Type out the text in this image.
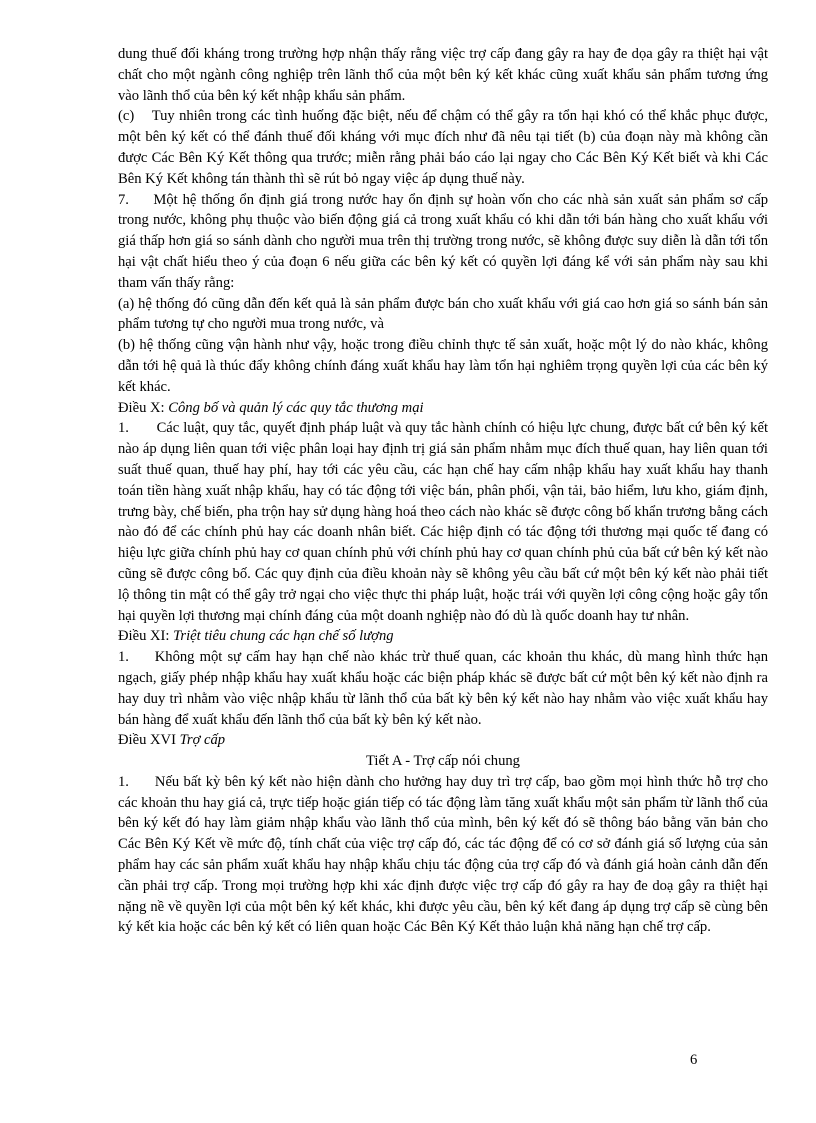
dung thuế đối kháng trong trường hợp nhận thấy rằng việc trợ cấp đang gây ra hay đe dọa gây ra thiệt hại vật chất cho một ngành công nghiệp trên lãnh thổ của một bên ký kết khác cũng xuất khẩu sản phẩm tương ứng vào lãnh thổ của bên ký kết nhập khẩu sản phẩm.

(c)    Tuy nhiên trong các tình huống đặc biệt, nếu để chậm có thể gây ra tổn hại khó có thể khắc phục được, một bên ký kết có thể đánh thuế đối kháng với mục đích như đã nêu tại tiết (b) của đoạn này mà không cần được Các Bên Ký Kết thông qua trước; miễn rằng phải báo cáo lại ngay cho Các Bên Ký Kết biết và khi Các Bên Ký Kết không tán thành thì sẽ rút bỏ ngay việc áp dụng thuế này.

7.     Một hệ thống ổn định giá trong nước hay ổn định sự hoàn vốn cho các nhà sản xuất sản phẩm sơ cấp trong nước, không phụ thuộc vào biến động giá cả trong xuất khẩu có khi dẫn tới bán hàng cho xuất khẩu với giá thấp hơn giá so sánh dành cho người mua trên thị trường trong nước, sẽ không được suy diễn là dẫn tới tổn hại vật chất hiểu theo ý của đoạn 6 nếu giữa các bên ký kết có quyền lợi đáng kể với sản phẩm này sau khi tham vấn thấy rằng:

(a) hệ thống đó cũng dẫn đến kết quả là sản phẩm được bán cho xuất khẩu với giá cao hơn giá so sánh bán sản phẩm tương tự cho người mua trong nước, và

(b) hệ thống cũng vận hành như vậy, hoặc trong điều chỉnh thực tế sản xuất, hoặc một lý do nào khác, không dẫn tới hệ quả là thúc đẩy không chính đáng xuất khẩu hay làm tổn hại nghiêm trọng quyền lợi của các bên ký kết khác.

Điều X: Công bố và quản lý các quy tắc thương mại

1.       Các luật, quy tắc, quyết định pháp luật và quy tắc hành chính có hiệu lực chung, được bất cứ bên ký kết nào áp dụng liên quan tới việc phân loại hay định trị giá sản phẩm nhằm mục đích thuế quan, hay liên quan tới suất thuế quan, thuế hay phí, hay tới các yêu cầu, các hạn chế hay cấm nhập khẩu hay xuất khẩu hay thanh toán tiền hàng xuất nhập khẩu, hay có tác động tới việc bán, phân phối, vận tải, bảo hiểm, lưu kho, giám định, trưng bày, chế biến, pha trộn hay sử dụng hàng hoá theo cách nào khác sẽ được công bố khẩn trương bằng cách nào đó để các chính phủ hay các doanh nhân biết. Các hiệp định có tác động tới thương mại quốc tế đang có hiệu lực giữa chính phủ hay cơ quan chính phủ với chính phủ hay cơ quan chính phủ của bất cứ bên ký kết nào cũng sẽ được công bố. Các quy định của điều khoản này sẽ không yêu cầu bất cứ một bên ký kết nào phải tiết lộ thông tin mật có thể gây trở ngại cho việc thực thi pháp luật, hoặc trái với quyền lợi công cộng hoặc gây tổn hại quyền lợi thương mại chính đáng của một doanh nghiệp nào đó dù là quốc doanh hay tư nhân.

Điều XI: Triệt tiêu chung các hạn chế số lượng

1.     Không một sự cấm hay hạn chế nào khác trừ thuế quan, các khoản thu khác, dù mang hình thức hạn ngạch, giấy phép nhập khẩu hay xuất khẩu hoặc các biện pháp khác sẽ được bất cứ một bên ký kết nào định ra hay duy trì nhằm vào việc nhập khẩu từ lãnh thổ của bất kỳ bên ký kết nào hay nhằm vào việc xuất khẩu hay bán hàng để xuất khẩu đến lãnh thổ của bất kỳ bên ký kết nào.

Điều XVI Trợ cấp

Tiết A - Trợ cấp nói chung

1.      Nếu bất kỳ bên ký kết nào hiện dành cho hưởng hay duy trì trợ cấp, bao gồm mọi hình thức hỗ trợ cho các khoản thu hay giá cả, trực tiếp hoặc gián tiếp có tác động làm tăng xuất khẩu một sản phẩm từ lãnh thổ của bên ký kết đó hay làm giảm nhập khẩu vào lãnh thổ của mình, bên ký kết đó sẽ thông báo bằng văn bản cho Các Bên Ký Kết về mức độ, tính chất của việc trợ cấp đó, các tác động để có cơ sở đánh giá số lượng của sản phẩm hay các sản phẩm xuất khẩu hay nhập khẩu chịu tác động của trợ cấp đó và đánh giá hoàn cảnh dẫn đến cần phải trợ cấp. Trong mọi trường hợp khi xác định được việc trợ cấp đó gây ra hay đe doạ gây ra thiệt hại nặng nề về quyền lợi của một bên ký kết khác, khi được yêu cầu, bên ký kết đang áp dụng trợ cấp sẽ cùng bên ký kết kia hoặc các bên ký kết có liên quan hoặc Các Bên Ký Kết thảo luận khả năng hạn chế trợ cấp.

6
